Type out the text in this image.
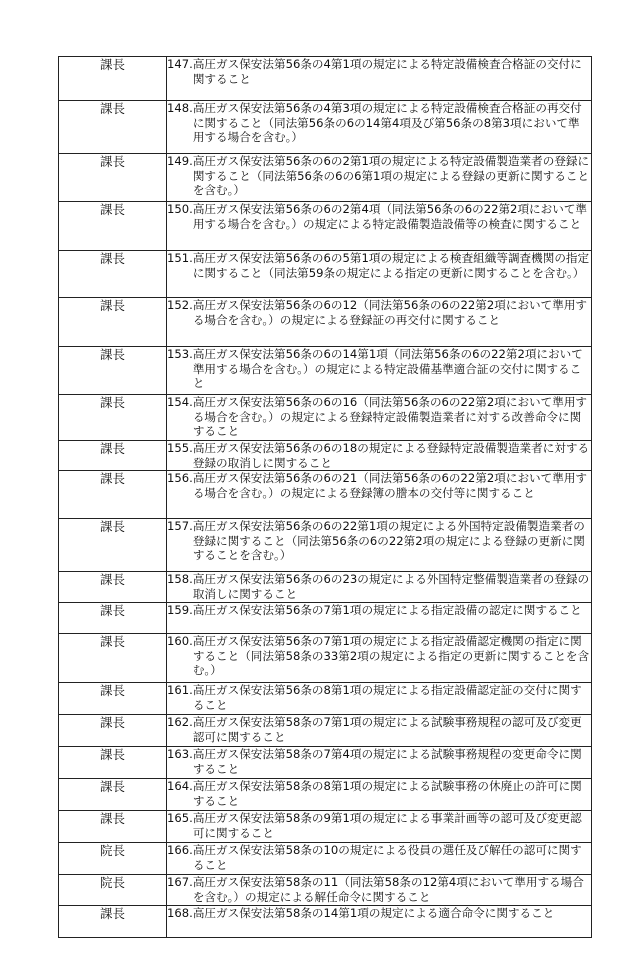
課長	147. 高圧ガス保安法第56条の4第1項の規定による特定設備検査合格証の交付に関すること

課長	148. 高圧ガス保安法第56条の4第3項の規定による特定設備検査合格証の再交付に関すること（同法第56条の6の14第4項及び第56条の8第3項において準用する場合を含む。）

課長	149. 高圧ガス保安法第56条の6の2第1項の規定による特定設備製造業者の登録に関すること（同法第56条の6の6第1項の規定による登録の更新に関することを含む。）

課長	150. 高圧ガス保安法第56条の6の2第4項（同法第56条の6の22第2項において準用する場合を含む。）の規定による特定設備製造設備等の検査に関すること

課長	151. 高圧ガス保安法第56条の6の5第1項の規定による検査組織等調査機関の指定に関すること（同法第59条の規定による指定の更新に関することを含む。）

課長	152. 高圧ガス保安法第56条の6の12（同法第56条の6の22第2項において準用する場合を含む。）の規定による登録証の再交付に関すること

課長	153. 高圧ガス保安法第56条の6の14第1項（同法第56条の6の22第2項において準用する場合を含む。）の規定による特定設備基準適合証の交付に関すること

課長	154. 高圧ガス保安法第56条の6の16（同法第56条の6の22第2項において準用する場合を含む。）の規定による登録特定設備製造業者に対する改善命令に関すること

課長	155. 高圧ガス保安法第56条の6の18の規定による登録特定設備製造業者に対する登録の取消しに関すること

課長	156. 高圧ガス保安法第56条の6の21（同法第56条の6の22第2項において準用する場合を含む。）の規定による登録簿の謄本の交付等に関すること

課長	157. 高圧ガス保安法第56条の6の22第1項の規定による外国特定設備製造業者の登録に関すること（同法第56条の6の22第2項の規定による登録の更新に関することを含む。）

課長	158. 高圧ガス保安法第56条の6の23の規定による外国特定整備製造業者の登録の取消しに関すること

課長	159. 高圧ガス保安法第56条の7第1項の規定による指定設備の認定に関すること

課長	160. 高圧ガス保安法第56条の7第1項の規定による指定設備認定機関の指定に関すること（同法第58条の33第2項の規定による指定の更新に関することを含む。）

課長	161. 高圧ガス保安法第56条の8第1項の規定による指定設備認定証の交付に関すること

課長	162. 高圧ガス保安法第58条の7第1項の規定による試験事務規程の認可及び変更認可に関すること

課長	163. 高圧ガス保安法第58条の7第4項の規定による試験事務規程の変更命令に関すること

課長	164. 高圧ガス保安法第58条の8第1項の規定による試験事務の休廃止の許可に関すること

課長	165. 高圧ガス保安法第58条の9第1項の規定による事業計画等の認可及び変更認可に関すること

院長	166. 高圧ガス保安法第58条の10の規定による役員の選任及び解任の認可に関すること

院長	167. 高圧ガス保安法第58条の11（同法第58条の12第4項において準用する場合を含む。）の規定による解任命令に関すること

課長	168. 高圧ガス保安法第58条の14第1項の規定による適合命令に関すること
